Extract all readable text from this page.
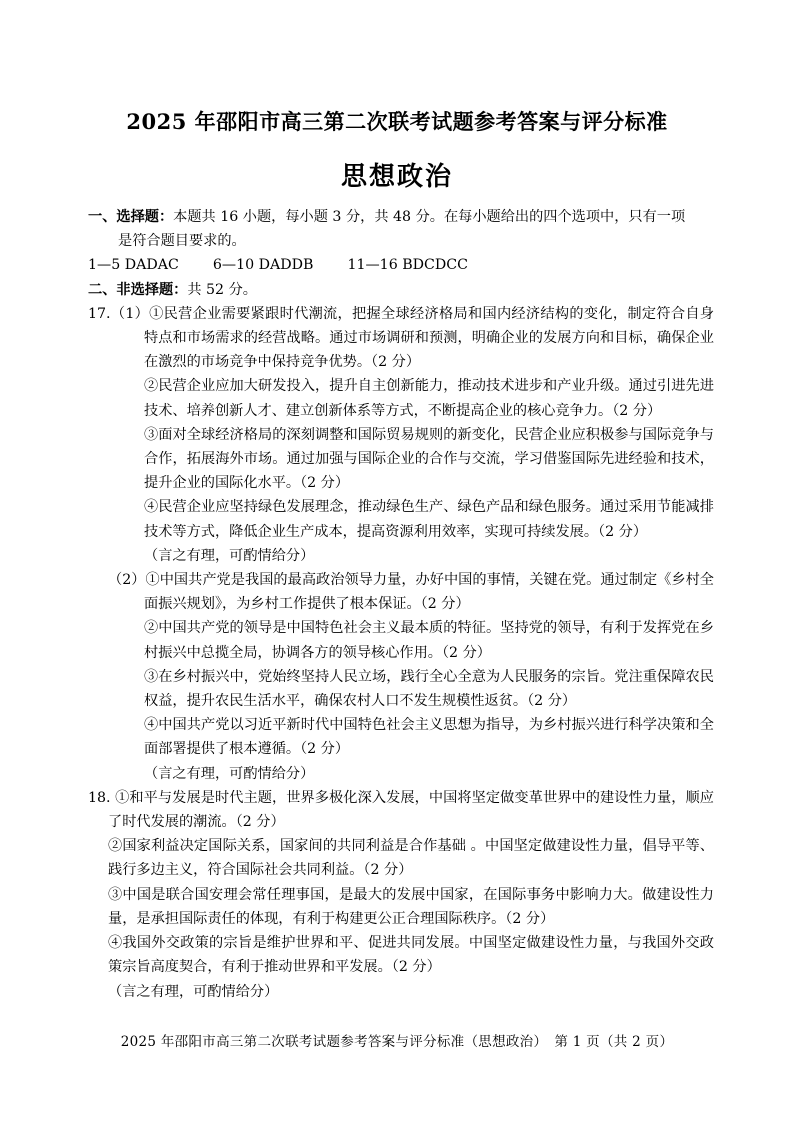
2025 年邵阳市高三第二次联考试题参考答案与评分标准
思想政治

一、选择题：本题共 16 小题，每小题 3 分，共 48 分。在每小题给出的四个选项中，只有一项

是符合题目要求的。

1—5 DADAC 6—10 DADDB 11—16 BDCDCC

二、非选择题：共 52 分。

17.（1）①民营企业需要紧跟时代潮流，把握全球经济格局和国内经济结构的变化，制定符合自身特点和市场需求的经营战略。通过市场调研和预测，明确企业的发展方向和目标，确保企业在激烈的市场竞争中保持竞争优势。（2 分）

②民营企业应加大研发投入，提升自主创新能力，推动技术进步和产业升级。通过引进先进技术、培养创新人才、建立创新体系等方式，不断提高企业的核心竞争力。（2 分）

③面对全球经济格局的深刻调整和国际贸易规则的新变化，民营企业应积极参与国际竞争与合作，拓展海外市场。通过加强与国际企业的合作与交流，学习借鉴国际先进经验和技术，提升企业的国际化水平。（2 分）

④民营企业应坚持绿色发展理念，推动绿色生产、绿色产品和绿色服务。通过采用节能减排技术等方式，降低企业生产成本，提高资源利用效率，实现可持续发展。（2 分）

（言之有理，可酌情给分）

（2）①中国共产党是我国的最高政治领导力量，办好中国的事情，关键在党。通过制定《乡村全面振兴规划》，为乡村工作提供了根本保证。（2 分）

②中国共产党的领导是中国特色社会主义最本质的特征。坚持党的领导，有利于发挥党在乡村振兴中总揽全局，协调各方的领导核心作用。（2 分）

③在乡村振兴中，党始终坚持人民立场，践行全心全意为人民服务的宗旨。党注重保障农民权益，提升农民生活水平，确保农村人口不发生规模性返贫。（2 分）

④中国共产党以习近平新时代中国特色社会主义思想为指导，为乡村振兴进行科学决策和全面部署提供了根本遵循。（2 分）

（言之有理，可酌情给分）

18. ①和平与发展是时代主题，世界多极化深入发展，中国将坚定做变革世界中的建设性力量，顺应了时代发展的潮流。（2 分）

②国家利益决定国际关系，国家间的共同利益是合作基础 。中国坚定做建设性力量，倡导平等、践行多边主义，符合国际社会共同利益。（2 分）

③中国是联合国安理会常任理事国，是最大的发展中国家，在国际事务中影响力大。做建设性力量，是承担国际责任的体现，有利于构建更公正合理国际秩序。（2 分）

④我国外交政策的宗旨是维护世界和平、促进共同发展。中国坚定做建设性力量，与我国外交政策宗旨高度契合，有利于推动世界和平发展。（2 分）

（言之有理，可酌情给分）

2025 年邵阳市高三第二次联考试题参考答案与评分标准（思想政治）　第 1 页（共 2 页）
